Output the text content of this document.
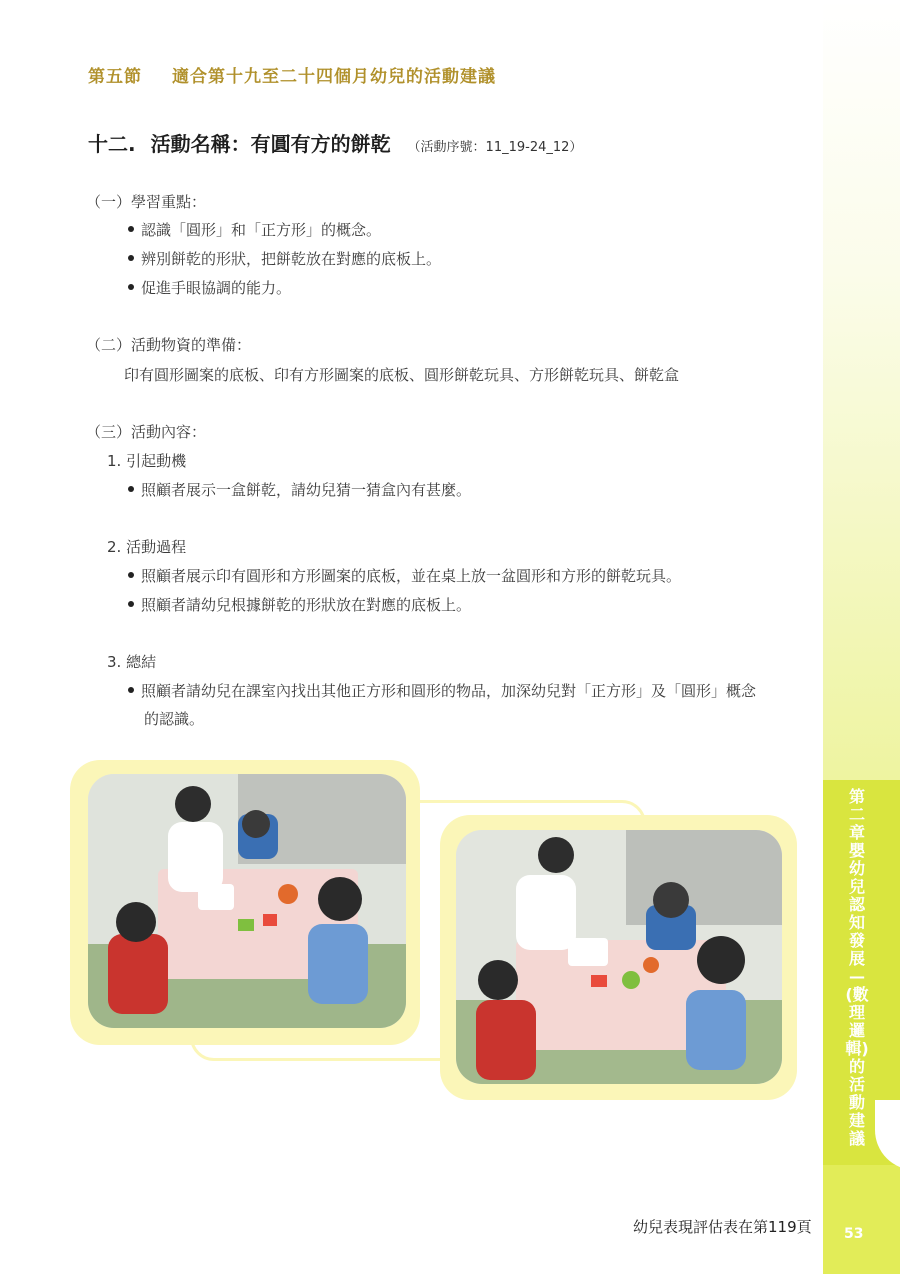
第五節 適合第十九至二十四個月幼兒的活動建議
十二. 活動名稱：有圓有方的餅乾 （活動序號：11_19-24_12）
（一）學習重點：
認識「圓形」和「正方形」的概念。
辨別餅乾的形狀，把餅乾放在對應的底板上。
促進手眼協調的能力。
（二）活動物資的準備：
印有圓形圖案的底板、印有方形圖案的底板、圓形餅乾玩具、方形餅乾玩具、餅乾盒
（三）活動內容：
1. 引起動機
照顧者展示一盒餅乾，請幼兒猜一猜盒內有甚麼。
2. 活動過程
照顧者展示印有圓形和方形圖案的底板，並在桌上放一盆圓形和方形的餅乾玩具。
照顧者請幼兒根據餅乾的形狀放在對應的底板上。
3. 總結
照顧者請幼兒在課室內找出其他正方形和圓形的物品，加深幼兒對「正方形」及「圓形」概念
的認識。
第二章 嬰幼兒認知發展—(數理邏輯)的活動建議
幼兒表現評估表在第119頁 53
